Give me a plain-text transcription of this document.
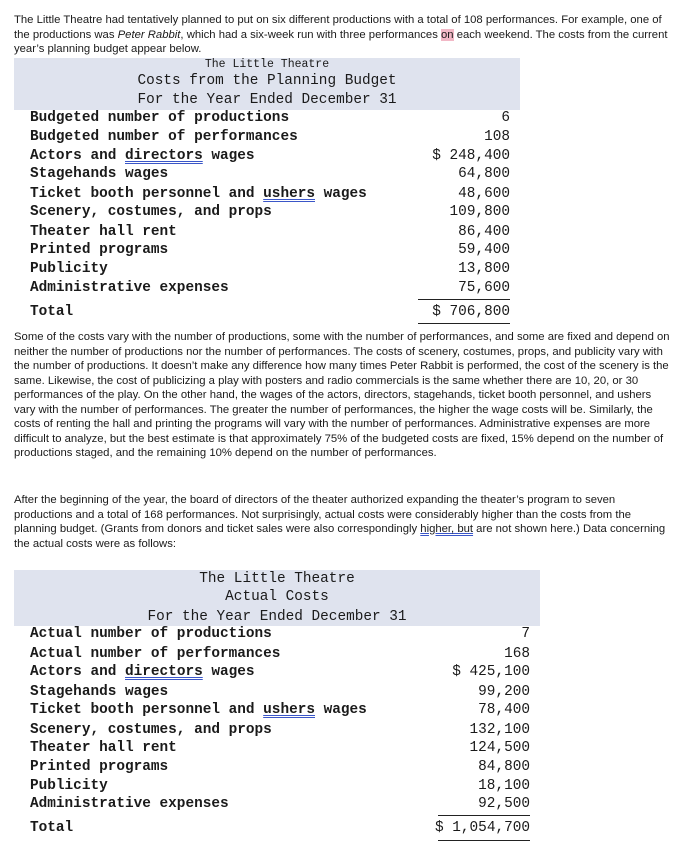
The Little Theatre had tentatively planned to put on six different productions with a total of 108 performances. For example, one of the productions was Peter Rabbit, which had a six-week run with three performances on each weekend. The costs from the current year’s planning budget appear below.

The Little Theatre
Costs from the Planning Budget
For the Year Ended December 31
Budgeted number of productions	6
Budgeted number of performances	108
Actors and directors wages	$ 248,400
Stagehands wages	64,800
Ticket booth personnel and ushers wages	48,600
Scenery, costumes, and props	109,800
Theater hall rent	86,400
Printed programs	59,400
Publicity	13,800
Administrative expenses	75,600
Total	$ 706,800

Some of the costs vary with the number of productions, some with the number of performances, and some are fixed and depend on neither the number of productions nor the number of performances. The costs of scenery, costumes, props, and publicity vary with the number of productions. It doesn’t make any difference how many times Peter Rabbit is performed, the cost of the scenery is the same. Likewise, the cost of publicizing a play with posters and radio commercials is the same whether there are 10, 20, or 30 performances of the play. On the other hand, the wages of the actors, directors, stagehands, ticket booth personnel, and ushers vary with the number of performances. The greater the number of performances, the higher the wage costs will be. Similarly, the costs of renting the hall and printing the programs will vary with the number of performances. Administrative expenses are more difficult to analyze, but the best estimate is that approximately 75% of the budgeted costs are fixed, 15% depend on the number of productions staged, and the remaining 10% depend on the number of performances.

After the beginning of the year, the board of directors of the theater authorized expanding the theater’s program to seven productions and a total of 168 performances. Not surprisingly, actual costs were considerably higher than the costs from the planning budget. (Grants from donors and ticket sales were also correspondingly higher, but are not shown here.) Data concerning the actual costs were as follows:

The Little Theatre
Actual Costs
For the Year Ended December 31
Actual number of productions	7
Actual number of performances	168
Actors and directors wages	$ 425,100
Stagehands wages	99,200
Ticket booth personnel and ushers wages	78,400
Scenery, costumes, and props	132,100
Theater hall rent	124,500
Printed programs	84,800
Publicity	18,100
Administrative expenses	92,500
Total	$ 1,054,700
